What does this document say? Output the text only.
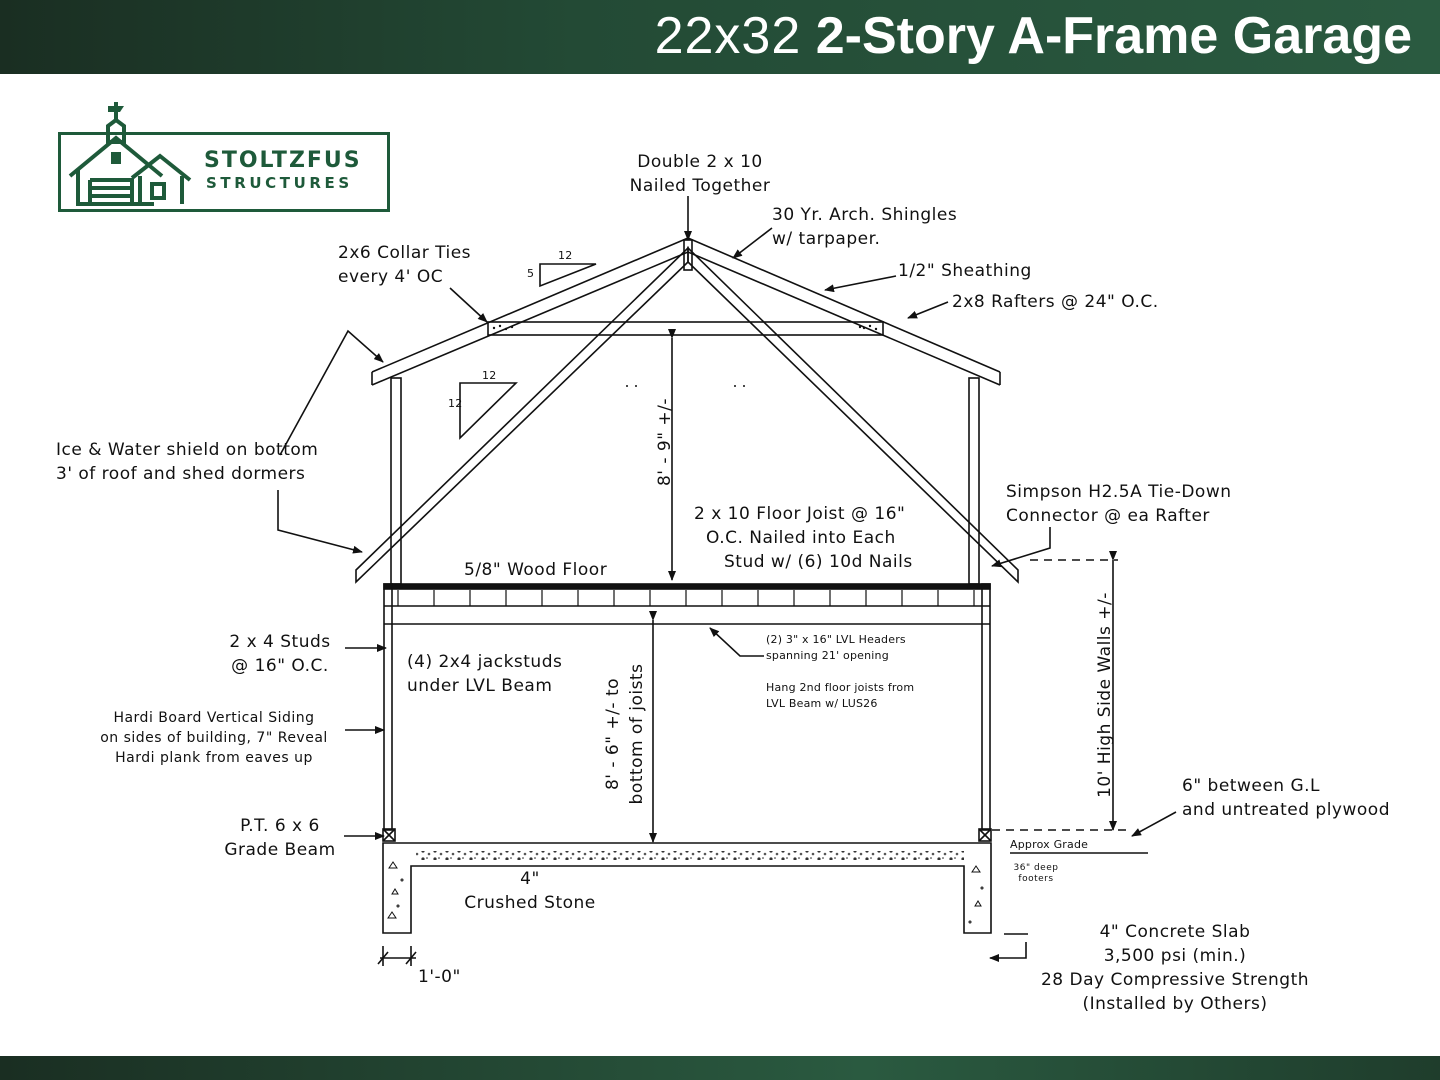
22x32 2-Story A-Frame Garage
STOLTZFUS
STRUCTURES
Double 2 x 10
Nailed Together
30 Yr. Arch. Shingles
w/ tarpaper.
1/2" Sheathing
2x8 Rafters @ 24" O.C.
2x6 Collar Ties
every 4' OC
12
5
12
12
Ice & Water shield on bottom
3' of roof and shed dormers	8' - 9" +/-
2 x 10 Floor Joist @ 16"
O.C. Nailed into Each
Stud w/ (6) 10d Nails
5/8" Wood Floor
Simpson H2.5A Tie-Down
Connector @ ea Rafter
2 x 4 Studs
@ 16" O.C.	(4) 2x4 jackstuds
under LVL Beam
(2) 3" x 16" LVL Headers
spanning 21' opening
Hang 2nd floor joists from
LVL Beam w/ LUS26
8' - 6" +/- to bottom of joists	10' High Side Walls +/-
Hardi Board Vertical Siding
on sides of building, 7" Reveal
Hardi plank from eaves up
6" between G.L
and untreated plywood
P.T. 6 x 6
Grade Beam	Approx Grade
36" deep
footers
4"
Crushed Stone
4" Concrete Slab
3,500 psi (min.)
28 Day Compressive Strength
(Installed by Others)
1'-0"
